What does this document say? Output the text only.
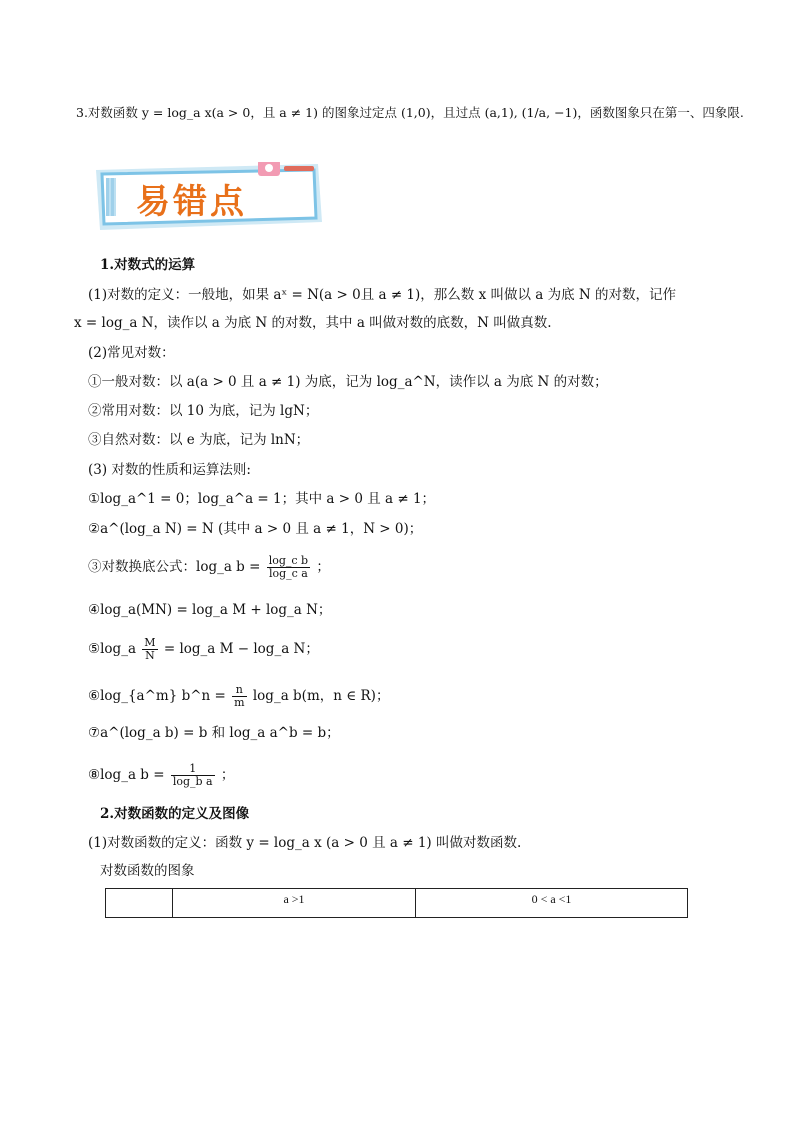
3.对数函数 y = log_a x(a > 0，且 a ≠ 1) 的图象过定点 (1,0)，且过点 (a,1), (1/a, −1)，函数图象只在第一、四象限.
易错点
1.对数式的运算
(1)对数的定义：一般地，如果 aˣ = N(a > 0且 a ≠ 1)，那么数 x 叫做以 a 为底 N 的对数，记作
x = log_a N，读作以 a 为底 N 的对数，其中 a 叫做对数的底数，N 叫做真数.
(2)常见对数：
①一般对数：以 a(a > 0 且 a ≠ 1) 为底，记为 log_a^N，读作以 a 为底 N 的对数；
②常用对数：以 10 为底，记为 lgN；
③自然对数：以 e 为底，记为 lnN；
(3) 对数的性质和运算法则:
①log_a^1 = 0；log_a^a = 1；其中 a > 0 且 a ≠ 1；
②a^(log_a N) = N (其中 a > 0 且 a ≠ 1，N > 0)；
③对数换底公式：log_a $b = \frac{\text{log\_c b}}{\text{log\_c a}}$ ；
④log_a(MN) = log_a M + log_a N；
⑤log_a $\frac{M}{N}$ = log_a M − log_a N；
⑥log_{a^m} b^n = $\frac{n}{m}$ log_a b(m，n ∈ R)；
⑦a^(log_a b) = b 和 log_a a^b = b；
⑧log_a $b = \frac{1}{\text{log\_b a}}$ ；
2.对数函数的定义及图像
(1)对数函数的定义：函数 y = log_a x (a > 0 且 a ≠ 1) 叫做对数函数.
对数函数的图象
	a >1	0 < a <1
